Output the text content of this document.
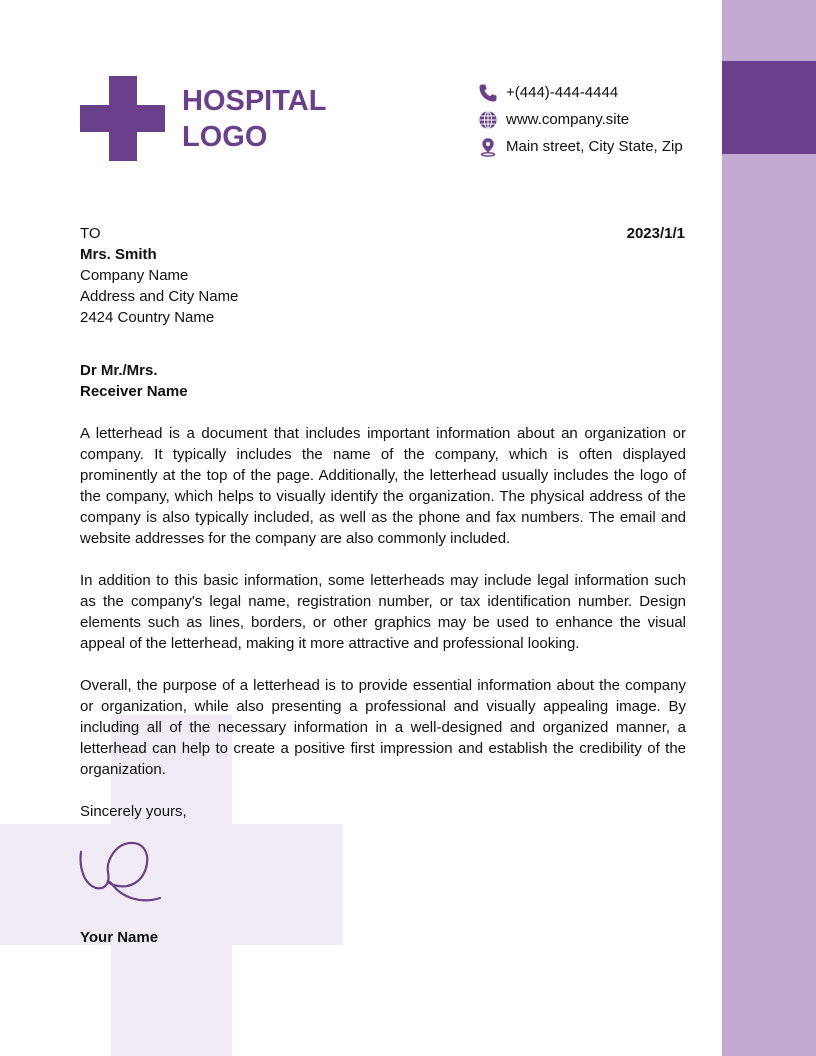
HOSPITAL
LOGO
+(444)-444-4444
www.company.site
Main street, City State, Zip
TO
Mrs. Smith
Company Name
Address and City Name
2424 Country Name
2023/1/1
Dr Mr./Mrs.
Receiver Name

A letterhead is a document that includes important information about an organization or company. It typically includes the name of the company, which is often displayed prominently at the top of the page. Additionally, the letterhead usually includes the logo of the company, which helps to visually identify the organization. The physical address of the company is also typically included, as well as the phone and fax numbers. The email and website addresses for the company are also commonly included.

In addition to this basic information, some letterheads may include legal information such as the company's legal name, registration number, or tax identification number. Design elements such as lines, borders, or other graphics may be used to enhance the visual appeal of the letterhead, making it more attractive and professional looking.

Overall, the purpose of a letterhead is to provide essential information about the company or organization, while also presenting a professional and visually appealing image. By including all of the necessary information in a well-designed and organized manner, a letterhead can help to create a positive first impression and establish the credibility of the organization.

Sincerely yours,
Your Name
